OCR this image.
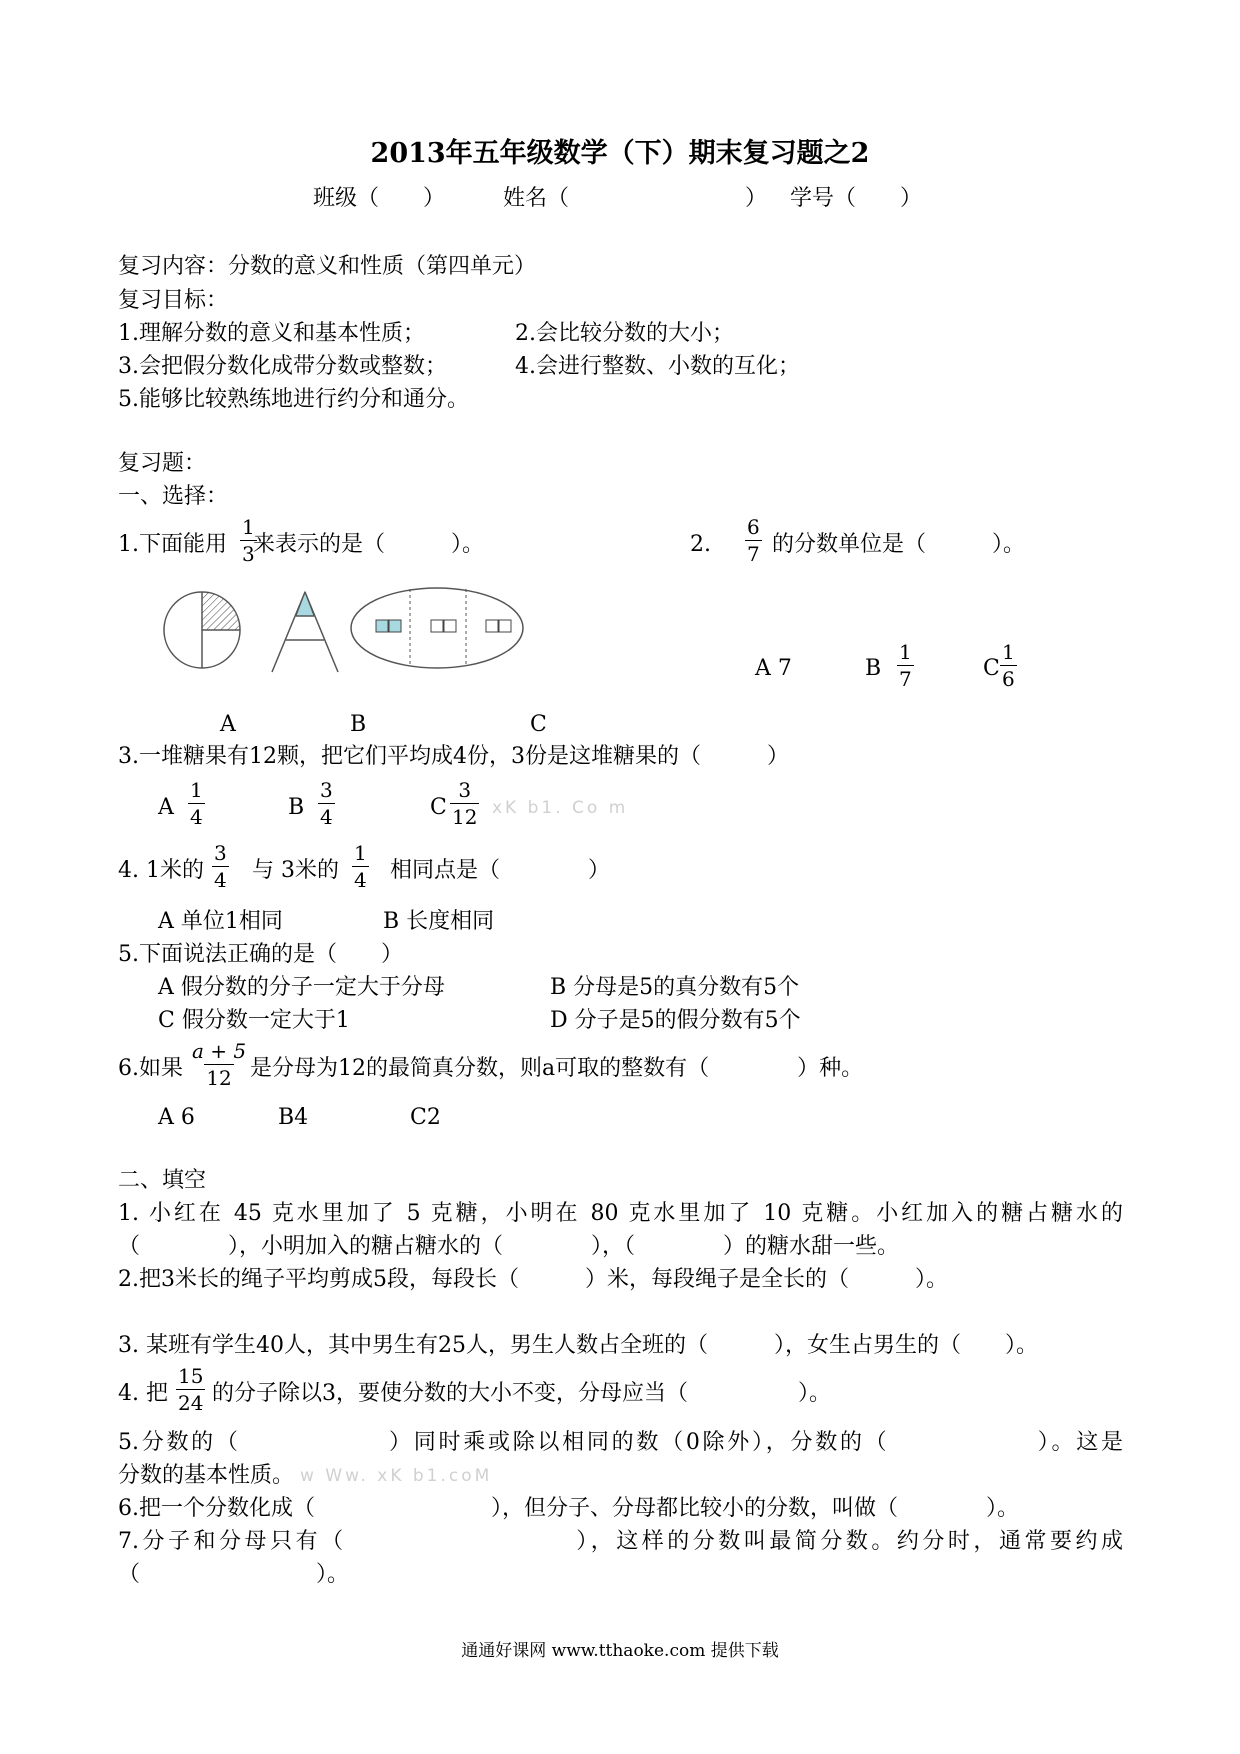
2013年五年级数学（下）期末复习题之2
班级（　　）	姓名（　　　　　　　　） 学号（　　）
复习内容：分数的意义和性质（第四单元）
复习目标：
1.理解分数的意义和基本性质；	2.会比较分数的大小；
3.会把假分数化成带分数或整数；	4.会进行整数、小数的互化；
5.能够比较熟练地进行约分和通分。
复习题：
一、选择：
1.下面能用 来表示的是（　　　）。
$\frac{1}{3}$	2. $\frac{6}{7}$ 的分数单位是（　　　）。
A	B	C
A 7	B $\frac{1}{7}$	C $\frac{1}{6}$
3.一堆糖果有12颗，把它们平均成4份，3份是这堆糖果的（　　　）
A $\frac{1}{4}$	B $\frac{3}{4}$	C $\frac{3}{12}$ xK b1. Co m
4. 1米的 $\frac{3}{4}$ 与 3米的 $\frac{1}{4}$ 相同点是（　　　　）
A 单位1相同	B 长度相同
5.下面说法正确的是（　　）
A 假分数的分子一定大于分母	B 分母是5的真分数有5个
C 假分数一定大于1	D 分子是5的假分数有5个
6.如果 $\frac{a + 5}{12}$ 是分母为12的最简真分数，则a可取的整数有（　　　　）种。
A 6	B4	C2
二、填空
1. 小红在 45 克水里加了 5 克糖，小明在 80 克水里加了 10 克糖。小红加入的糖占糖水的
（　　　　），小明加入的糖占糖水的（　　　　），（　　　　）的糖水甜一些。
2.把3米长的绳子平均剪成5段，每段长（　　　）米，每段绳子是全长的（　　　）。
3. 某班有学生40人，其中男生有25人，男生人数占全班的（　　　），女生占男生的（　　）。
4. 把 $\frac{15}{24}$ 的分子除以3，要使分数的大小不变，分母应当（　　　　　）。
5.分数的（　　　　　　）同时乘或除以相同的数（0除外），分数的（　　　　　　）。这是
分数的基本性质。 w Ww. xK b1.coM
6.把一个分数化成（　　　　　　　　），但分子、分母都比较小的分数，叫做（　　　　）。
7.分子和分母只有（　　　　　　　　　），这样的分数叫最简分数。约分时，通常要约成
（　　　　　　　　）。
通通好课网 www.tthaoke.com 提供下载
